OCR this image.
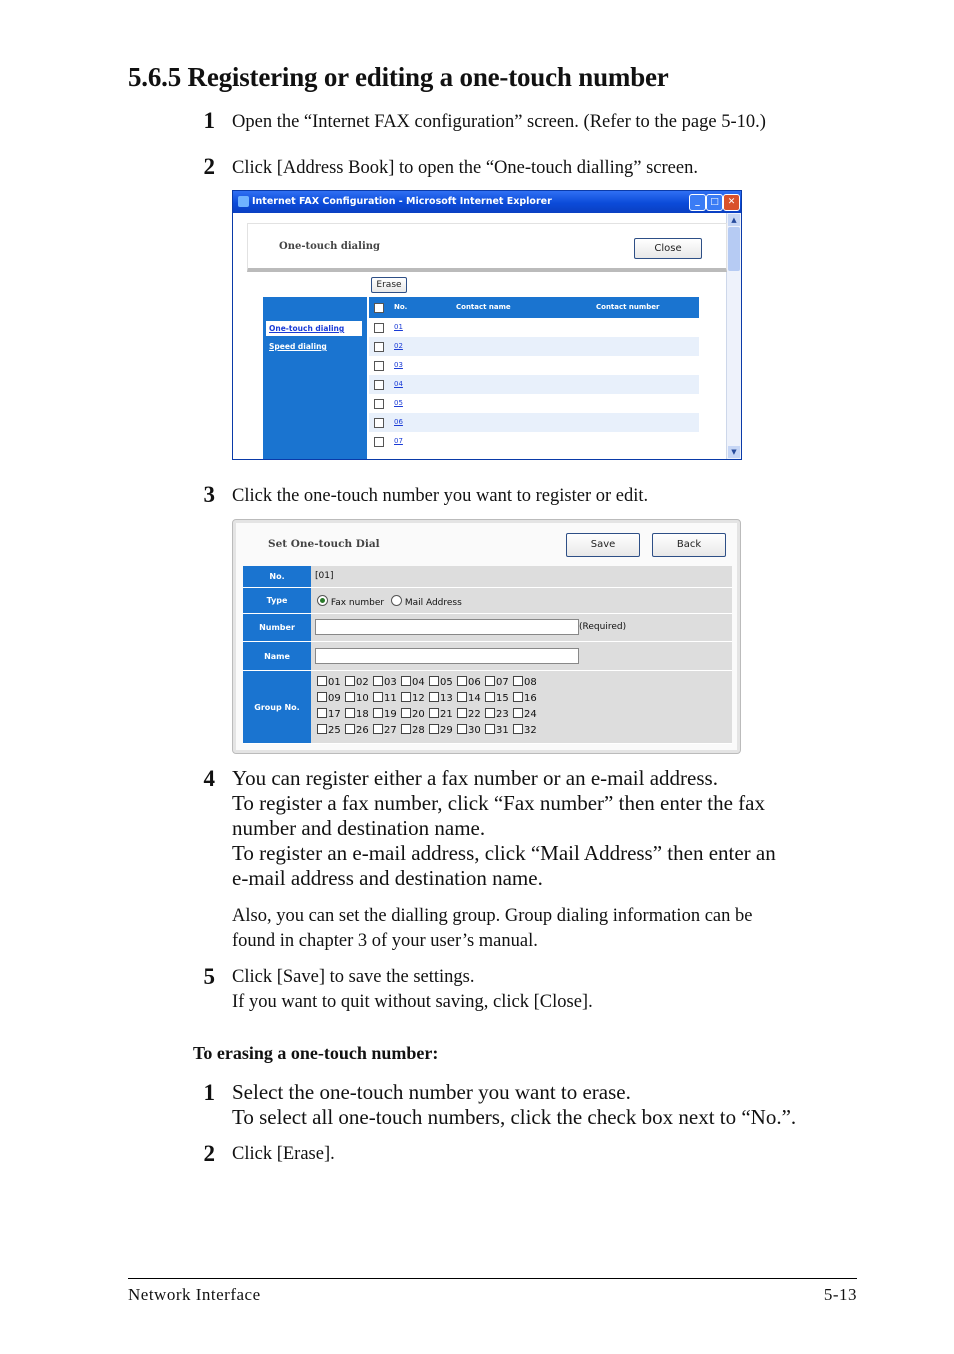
5.6.5 Registering or editing a one-touch number
1 Open the “Internet FAX configuration” screen. (Refer to the page 5-10.)
2 Click [Address Book] to open the “One-touch dialling” screen.
Internet FAX Configuration - Microsoft Internet Explorer	_	□ ✕
▲
▼
One-touch dialing	Close
Erase
One-touch dialing
Speed dialing
No.	Contact name	Contact number
01
02
03
04
05
06
07
3 Click the one-touch number you want to register or edit.
Set One-touch Dial	Save	Back
No.	[01]
Type	Fax number Mail Address
Number	(Required)
Name
Group No.
01	02	03	04	05	06	07	08
09	10	11	12	13	14	15	16
17	18	19	20	21	22	23	24
25	26	27	28	29	30	31	32
4 You can register either a fax number or an e-mail address.
To register a fax number, click “Fax number” then enter the fax
number and destination name.
To register an e-mail address, click “Mail Address” then enter an
e-mail address and destination name.
Also, you can set the dialling group. Group dialing information can be
found in chapter 3 of your user’s manual.
5 Click [Save] to save the settings.
If you want to quit without saving, click [Close].
To erasing a one-touch number:
1 Select the one-touch number you want to erase.
To select all one-touch numbers, click the check box next to “No.”.
2 Click [Erase].
Network Interface	5-13
